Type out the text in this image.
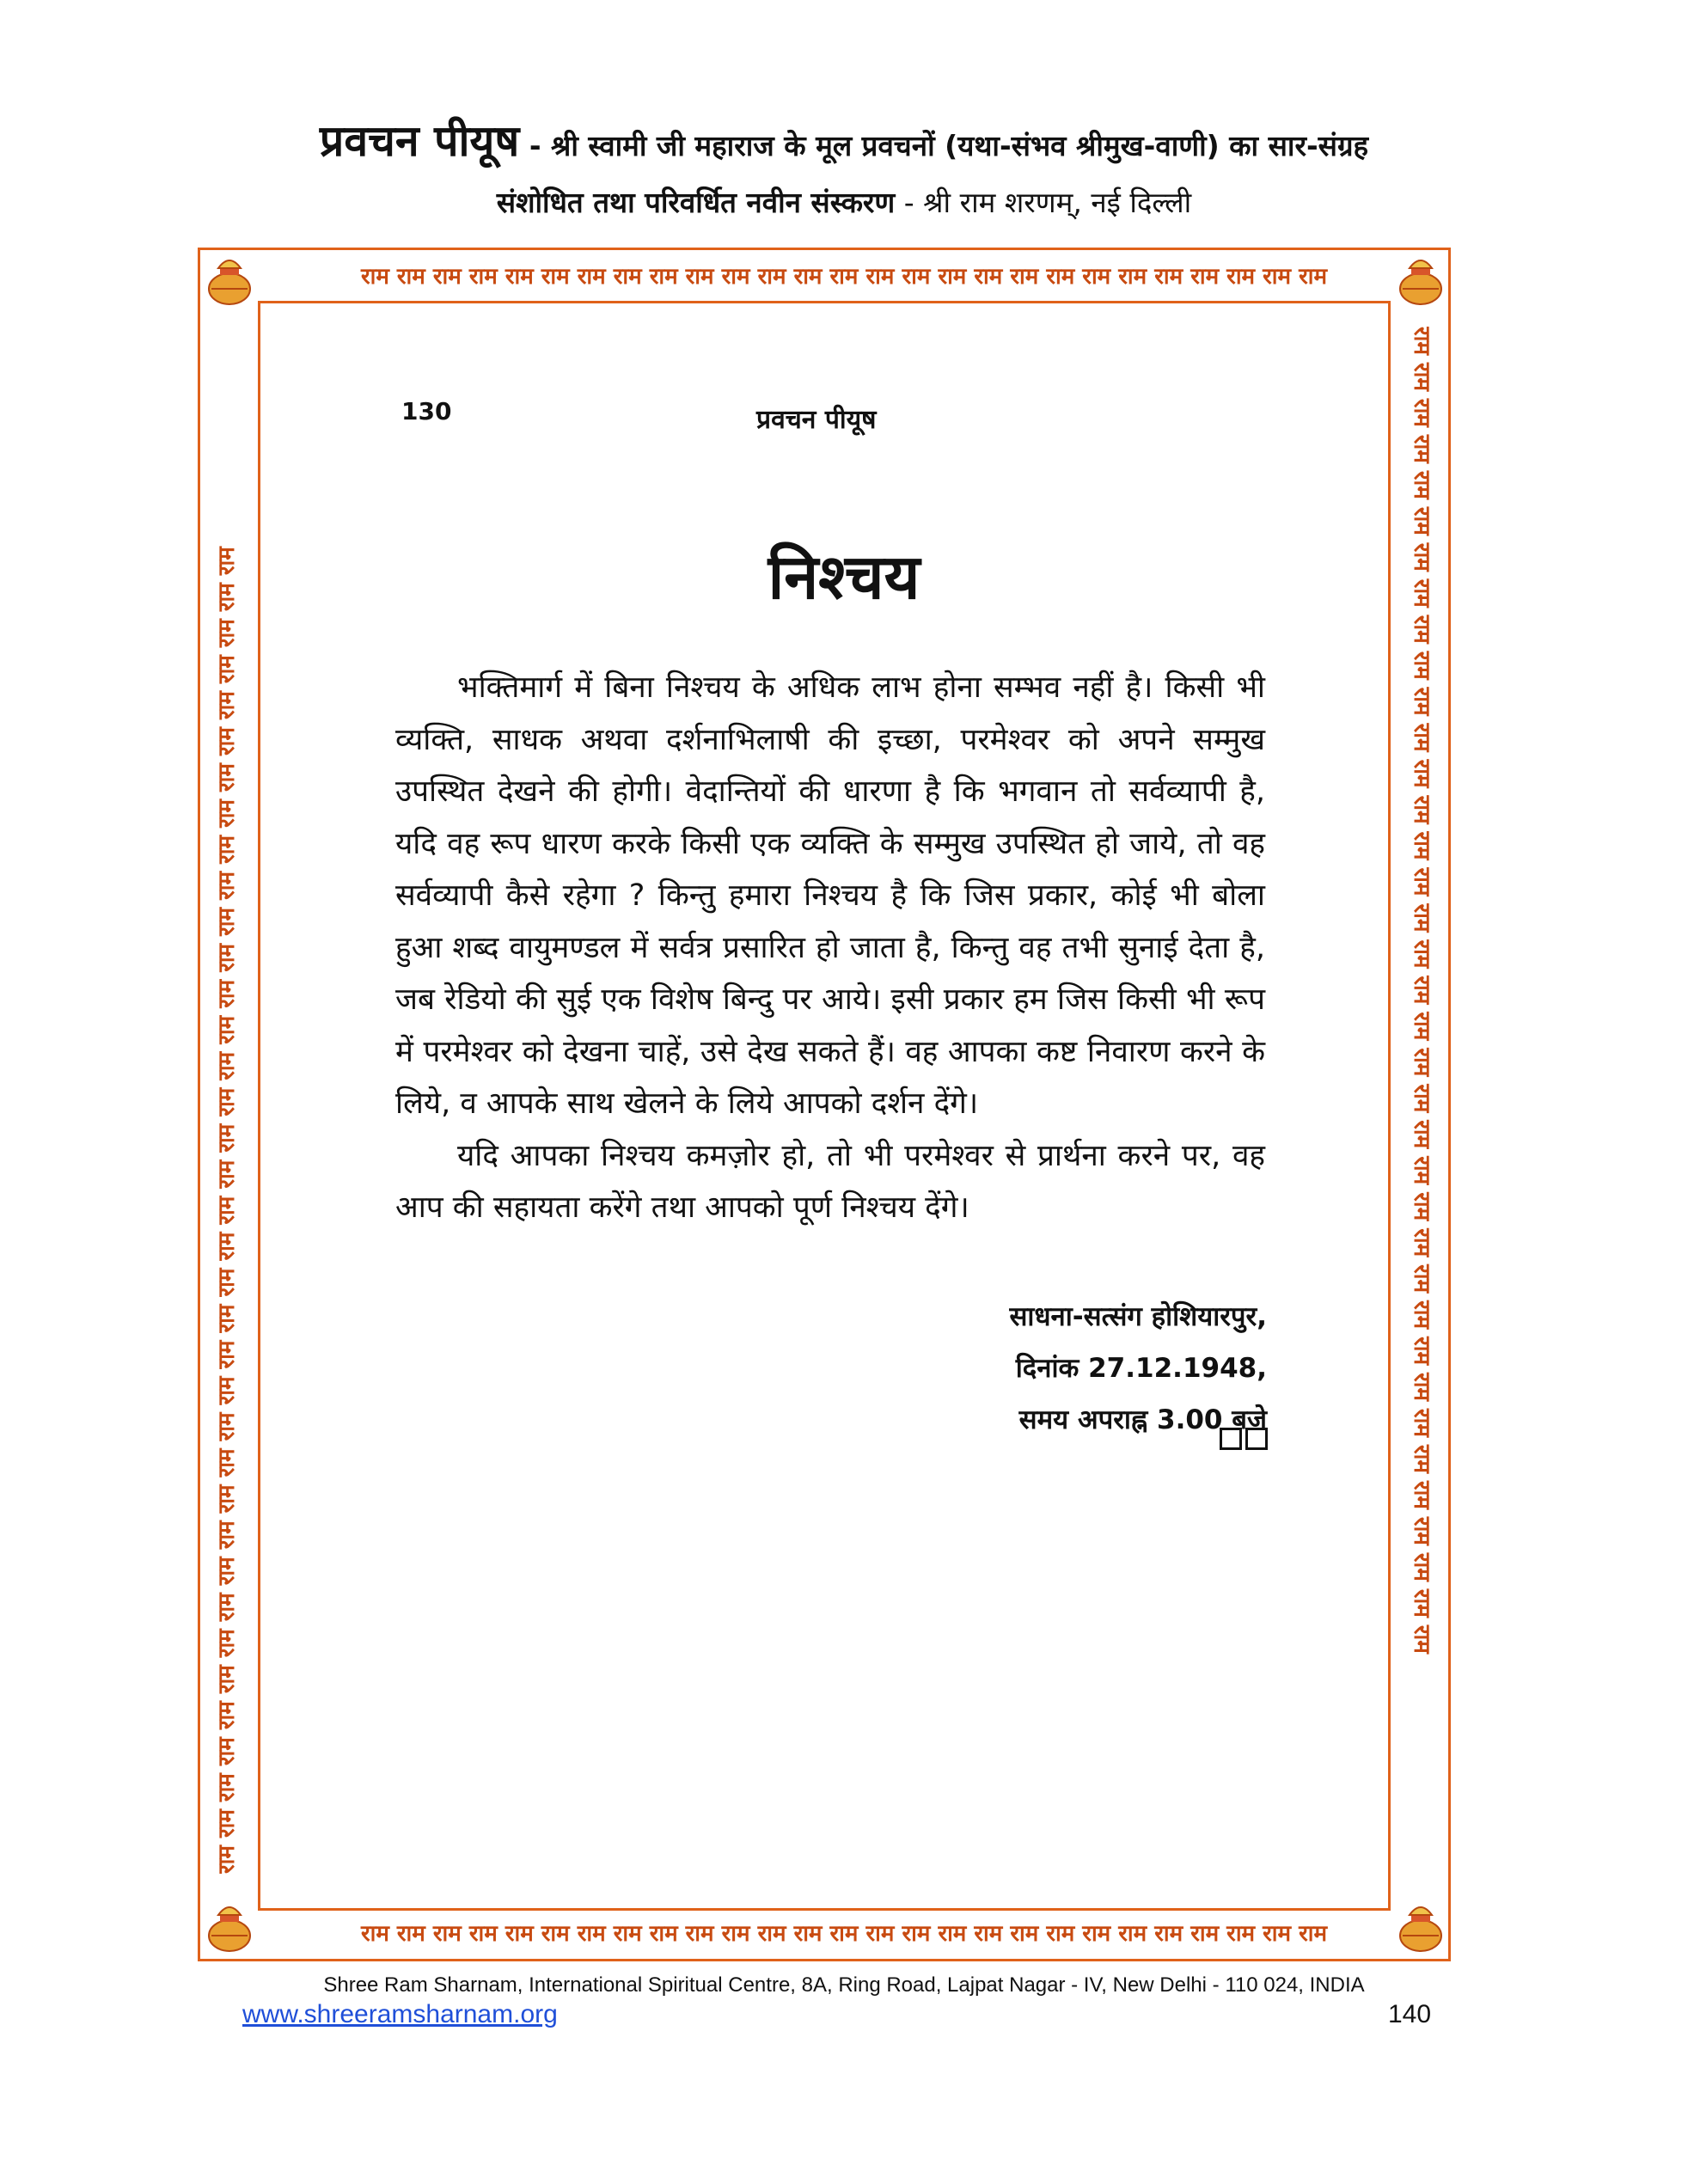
प्रवचन पीयूष - श्री स्वामी जी महाराज के मूल प्रवचनों (यथा-संभव श्रीमुख-वाणी) का सार-संग्रह
संशोधित तथा परिवर्धित नवीन संस्करण - श्री राम शरणम्, नई दिल्ली
राम राम राम राम राम राम राम राम राम राम राम राम राम राम राम राम राम राम राम राम राम राम राम राम राम राम राम
राम राम राम राम राम राम राम राम राम राम राम राम राम राम राम राम राम राम राम राम राम राम राम राम राम राम राम
राम राम राम राम राम राम राम राम राम राम राम राम राम राम राम राम राम राम राम राम राम राम राम राम राम राम राम राम राम राम राम राम राम राम राम राम राम	राम राम राम राम राम राम राम राम राम राम राम राम राम राम राम राम राम राम राम राम राम राम राम राम राम राम राम राम राम राम राम राम राम राम राम राम राम
130	प्रवचन पीयूष
निश्चय

भक्तिमार्ग में बिना निश्चय के अधिक लाभ होना सम्भव नहीं है। किसी भी व्यक्ति, साधक अथवा दर्शनाभिलाषी की इच्छा, परमेश्वर को अपने सम्मुख उपस्थित देखने की होगी। वेदान्तियों की धारणा है कि भगवान तो सर्वव्यापी है, यदि वह रूप धारण करके किसी एक व्यक्ति के सम्मुख उपस्थित हो जाये, तो वह सर्वव्यापी कैसे रहेगा ? किन्तु हमारा निश्चय है कि जिस प्रकार, कोई भी बोला हुआ शब्द वायुमण्डल में सर्वत्र प्रसारित हो जाता है, किन्तु वह तभी सुनाई देता है, जब रेडियो की सुई एक विशेष बिन्दु पर आये। इसी प्रकार हम जिस किसी भी रूप में परमेश्वर को देखना चाहें, उसे देख सकते हैं। वह आपका कष्ट निवारण करने के लिये, व आपके साथ खेलने के लिये आपको दर्शन देंगे।

यदि आपका निश्चय कमज़ोर हो, तो भी परमेश्वर से प्रार्थना करने पर, वह आप की सहायता करेंगे तथा आपको पूर्ण निश्चय देंगे।

साधना-सत्संग होशियारपुर,
दिनांक 27.12.1948,
समय अपराह्न 3.00 बजे
Shree Ram Sharnam, International Spiritual Centre, 8A, Ring Road, Lajpat Nagar - IV, New Delhi - 110 024, INDIA
www.shreeramsharnam.org	140
